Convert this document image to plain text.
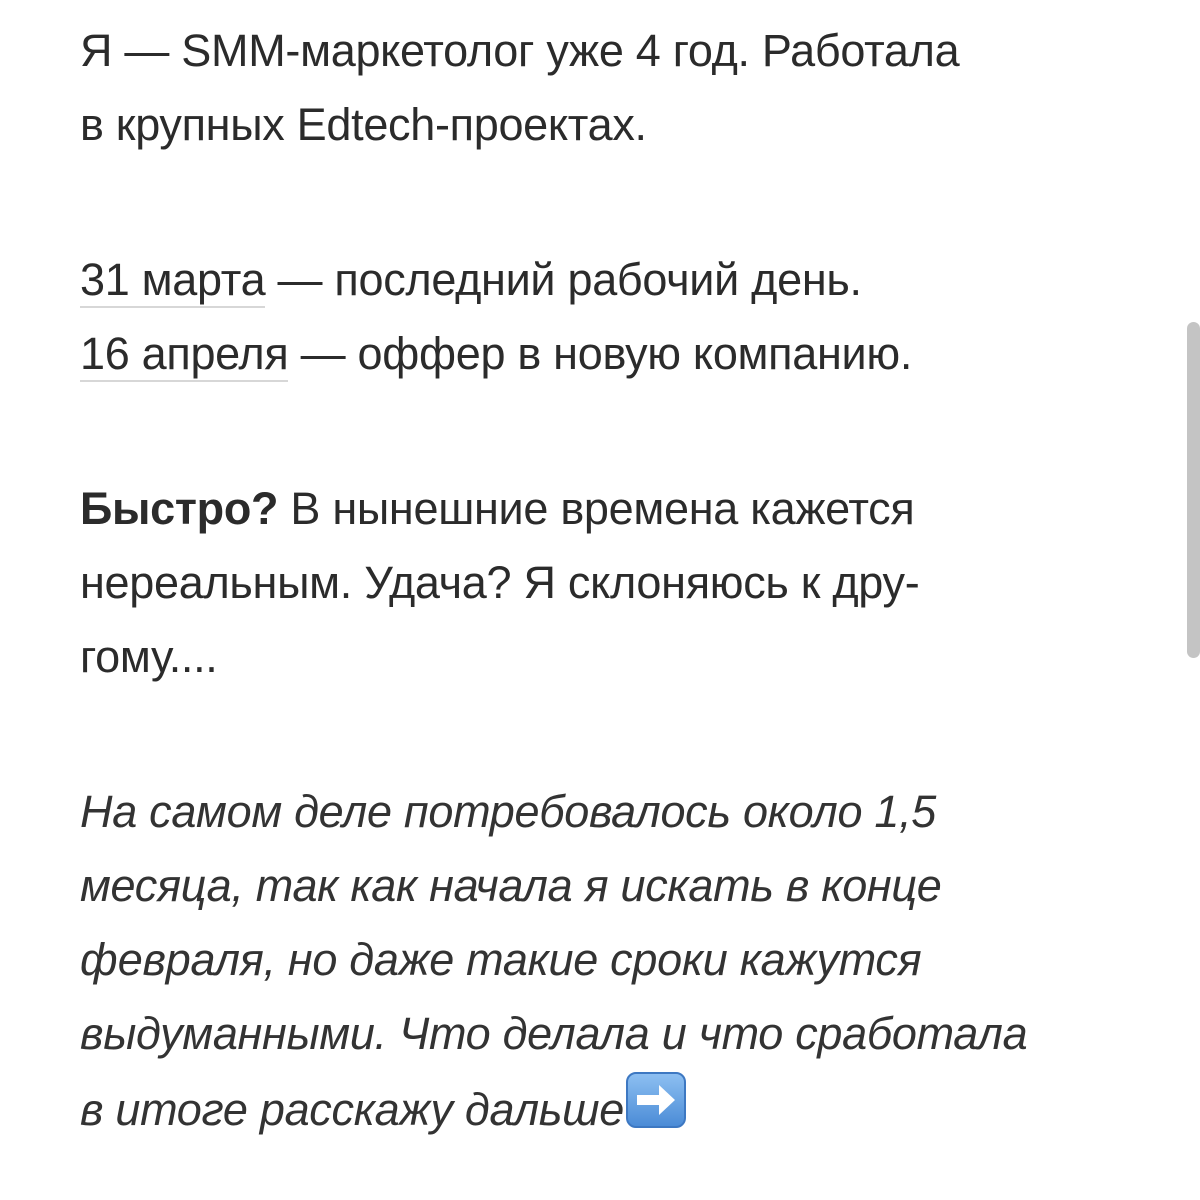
Я — SMM-маркетолог уже 4 год. Работала
в крупных Edtech-проектах.

31 марта — последний рабочий день.
16 апреля — оффер в новую компанию.

Быстро? В нынешние времена кажется
нереальным. Удача? Я склоняюсь к дру-
гому....

На самом деле потребовалось около 1,5
месяца, так как начала я искать в конце
февраля, но даже такие сроки кажутся
выдуманными. Что делала и что сработала
в итоге расскажу дальше
